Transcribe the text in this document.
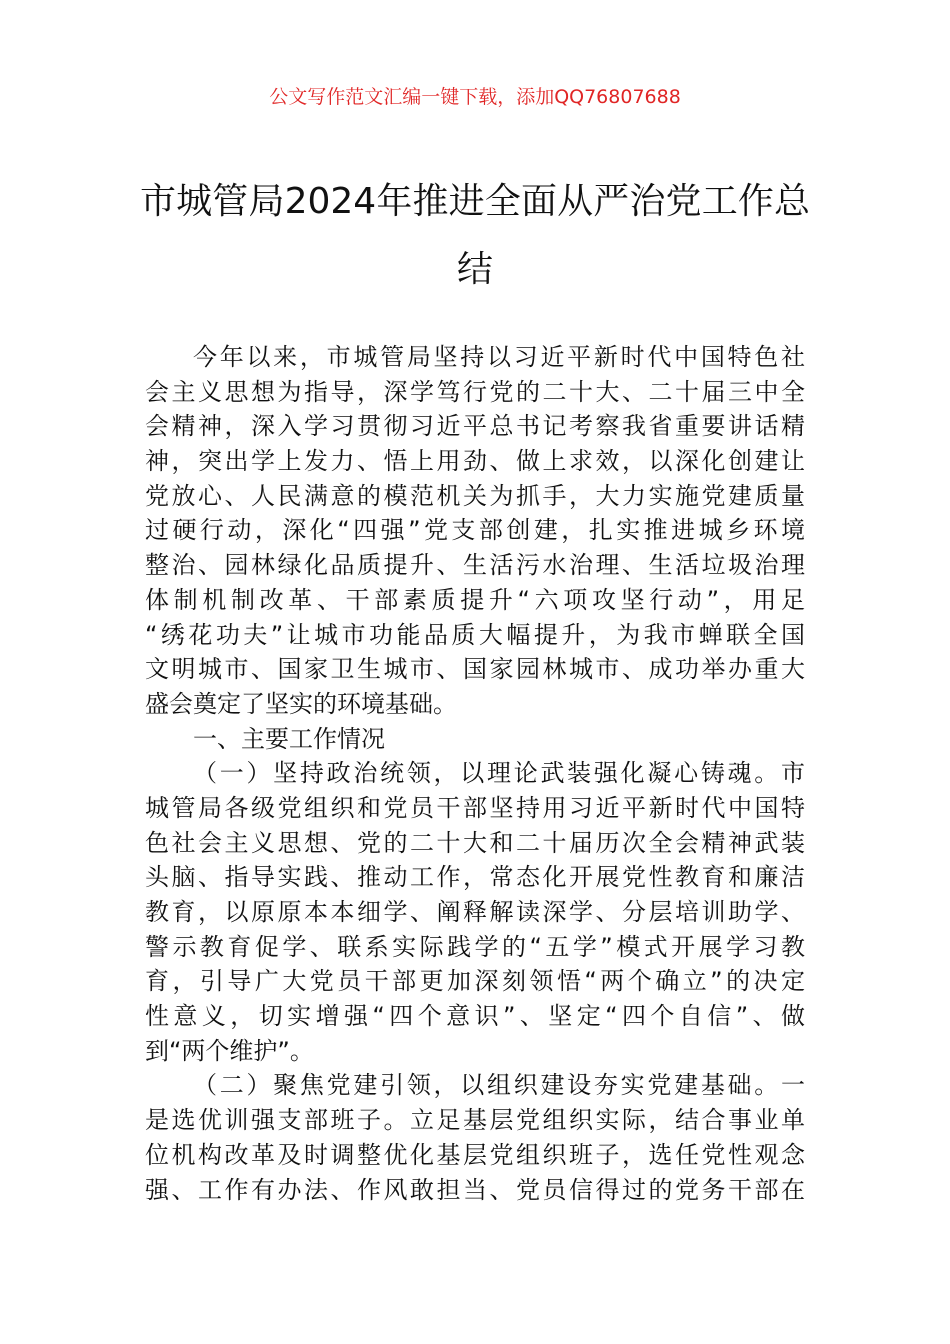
公文写作范文汇编一键下载，添加QQ76807688
市城管局2024年推进全面从严治党工作总
结
今年以来，市城管局坚持以习近平新时代中国特色社
会主义思想为指导，深学笃行党的二十大、二十届三中全
会精神，深入学习贯彻习近平总书记考察我省重要讲话精
神，突出学上发力、悟上用劲、做上求效，以深化创建让
党放心、人民满意的模范机关为抓手，大力实施党建质量
过硬行动，深化“四强”党支部创建，扎实推进城乡环境
整治、园林绿化品质提升、生活污水治理、生活垃圾治理
体制机制改革、干部素质提升“六项攻坚行动”，用足
“绣花功夫”让城市功能品质大幅提升，为我市蝉联全国
文明城市、国家卫生城市、国家园林城市、成功举办重大
盛会奠定了坚实的环境基础。
一、主要工作情况
（一）坚持政治统领，以理论武装强化凝心铸魂。市
城管局各级党组织和党员干部坚持用习近平新时代中国特
色社会主义思想、党的二十大和二十届历次全会精神武装
头脑、指导实践、推动工作，常态化开展党性教育和廉洁
教育，以原原本本细学、阐释解读深学、分层培训助学、
警示教育促学、联系实际践学的“五学”模式开展学习教
育，引导广大党员干部更加深刻领悟“两个确立”的决定
性意义，切实增强“四个意识”、坚定“四个自信”、做
到“两个维护”。
（二）聚焦党建引领，以组织建设夯实党建基础。一
是选优训强支部班子。立足基层党组织实际，结合事业单
位机构改革及时调整优化基层党组织班子，选任党性观念
强、工作有办法、作风敢担当、党员信得过的党务干部在
